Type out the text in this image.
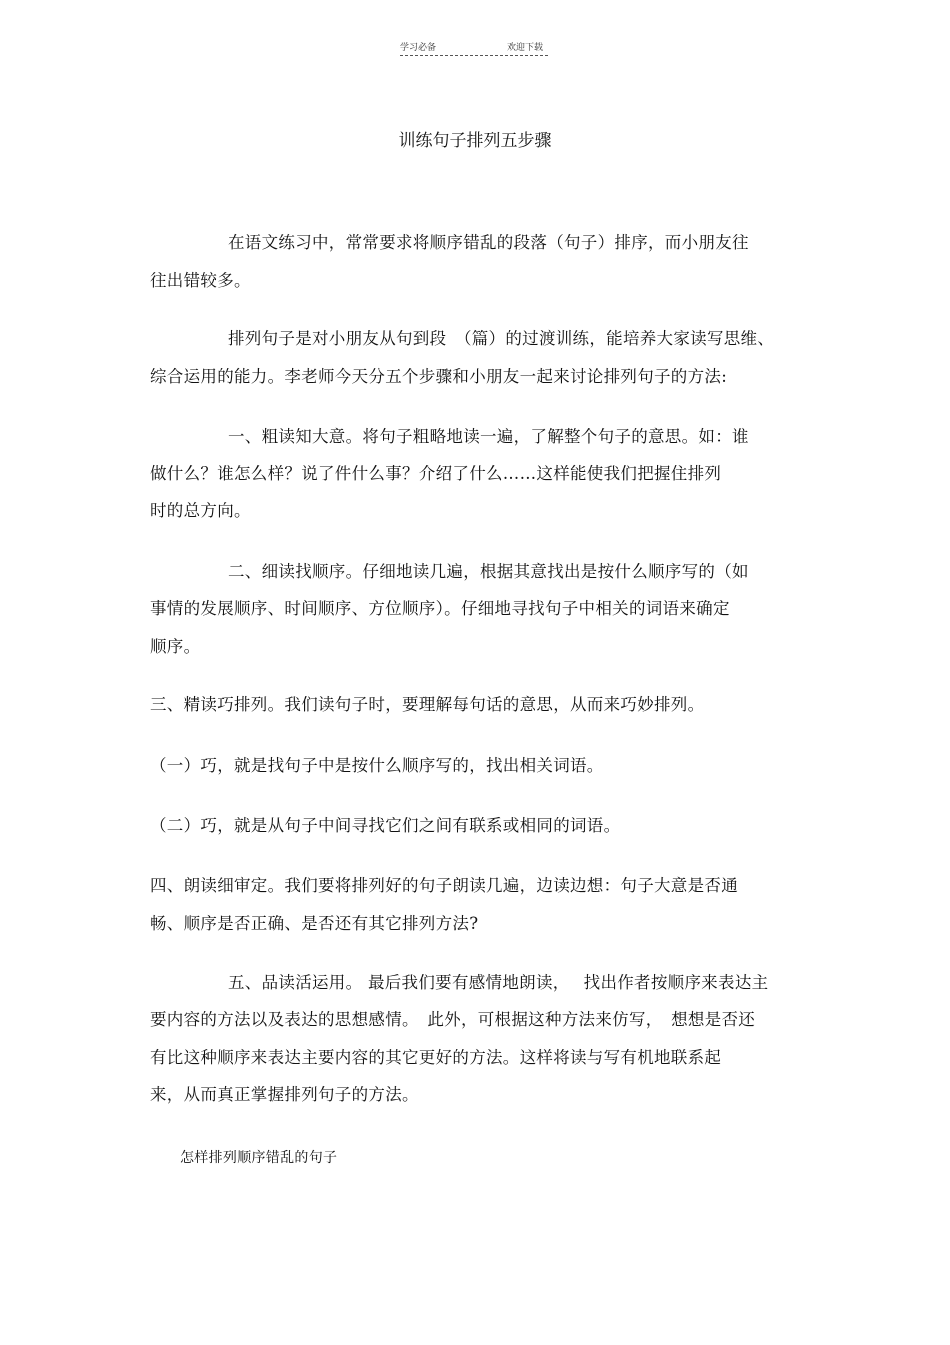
学习必备	欢迎下载
训练句子排列五步骤
在语文练习中，常常要求将顺序错乱的段落（句子）排序，而小朋友往
往出错较多。
排列句子是对小朋友从句到段　（篇）的过渡训练，能培养大家读写思维、
综合运用的能力。李老师今天分五个步骤和小朋友一起来讨论排列句子的方法:
一、粗读知大意。将句子粗略地读一遍，了解整个句子的意思。如：谁
做什么？谁怎么样？说了件什么事？介绍了什么……这样能使我们把握住排列
时的总方向。
二、细读找顺序。仔细地读几遍，根据其意找出是按什么顺序写的（如
事情的发展顺序、时间顺序、方位顺序）。仔细地寻找句子中相关的词语来确定
顺序。
三、精读巧排列。我们读句子时，要理解每句话的意思，从而来巧妙排列。
（一）巧，就是找句子中是按什么顺序写的，找出相关词语。
（二）巧，就是从句子中间寻找它们之间有联系或相同的词语。
四、朗读细审定。我们要将排列好的句子朗读几遍，边读边想：句子大意是否通
畅、顺序是否正确、是否还有其它排列方法?
五、品读活运用。 最后我们要有感情地朗读，　 找出作者按顺序来表达主
要内容的方法以及表达的思想感情。　此外，可根据这种方法来仿写，　想想是否还
有比这种顺序来表达主要内容的其它更好的方法。这样将读与写有机地联系起
来，从而真正掌握排列句子的方法。
怎样排列顺序错乱的句子
